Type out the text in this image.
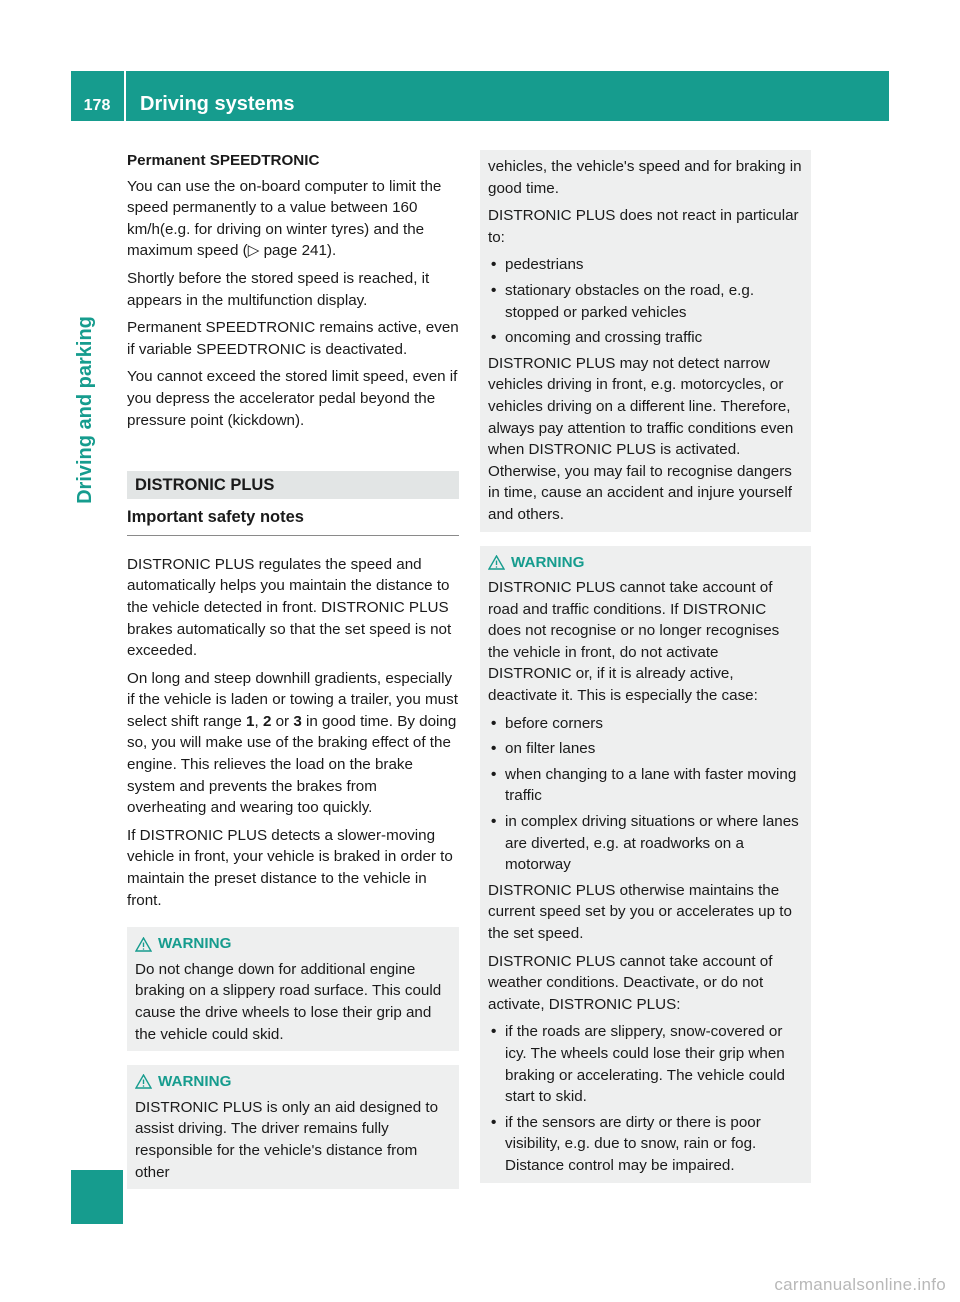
178	Driving systems
Driving and parking

Permanent SPEEDTRONIC

You can use the on-board computer to limit the speed permanently to a value between 160 km/h(e.g. for driving on winter tyres) and the maximum speed (▷ page 241).

Shortly before the stored speed is reached, it appears in the multifunction display.

Permanent SPEEDTRONIC remains active, even if variable SPEEDTRONIC is deactivated.

You cannot exceed the stored limit speed, even if you depress the accelerator pedal beyond the pressure point (kickdown).

DISTRONIC PLUS
Important safety notes

DISTRONIC PLUS regulates the speed and automatically helps you maintain the distance to the vehicle detected in front. DISTRONIC PLUS brakes automatically so that the set speed is not exceeded.

On long and steep downhill gradients, especially if the vehicle is laden or towing a trailer, you must select shift range 1, 2 or 3 in good time. By doing so, you will make use of the braking effect of the engine. This relieves the load on the brake system and prevents the brakes from overheating and wearing too quickly.

If DISTRONIC PLUS detects a slower-moving vehicle in front, your vehicle is braked in order to maintain the preset distance to the vehicle in front.

WARNING

Do not change down for additional engine braking on a slippery road surface. This could cause the drive wheels to lose their grip and the vehicle could skid.

WARNING

DISTRONIC PLUS is only an aid designed to assist driving. The driver remains fully responsible for the vehicle's distance from other

vehicles, the vehicle's speed and for braking in good time.

DISTRONIC PLUS does not react in particular to:

• pedestrians
• stationary obstacles on the road, e.g. stopped or parked vehicles
• oncoming and crossing traffic

DISTRONIC PLUS may not detect narrow vehicles driving in front, e.g. motorcycles, or vehicles driving on a different line. Therefore, always pay attention to traffic conditions even when DISTRONIC PLUS is activated. Otherwise, you may fail to recognise dangers in time, cause an accident and injure yourself and others.

WARNING

DISTRONIC PLUS cannot take account of road and traffic conditions. If DISTRONIC does not recognise or no longer recognises the vehicle in front, do not activate DISTRONIC or, if it is already active, deactivate it. This is especially the case:

• before corners
• on filter lanes
• when changing to a lane with faster moving traffic
• in complex driving situations or where lanes are diverted, e.g. at roadworks on a motorway

DISTRONIC PLUS otherwise maintains the current speed set by you or accelerates up to the set speed.

DISTRONIC PLUS cannot take account of weather conditions. Deactivate, or do not activate, DISTRONIC PLUS:

• if the roads are slippery, snow-covered or icy. The wheels could lose their grip when braking or accelerating. The vehicle could start to skid.
• if the sensors are dirty or there is poor visibility, e.g. due to snow, rain or fog. Distance control may be impaired.
carmanualsonline.info
